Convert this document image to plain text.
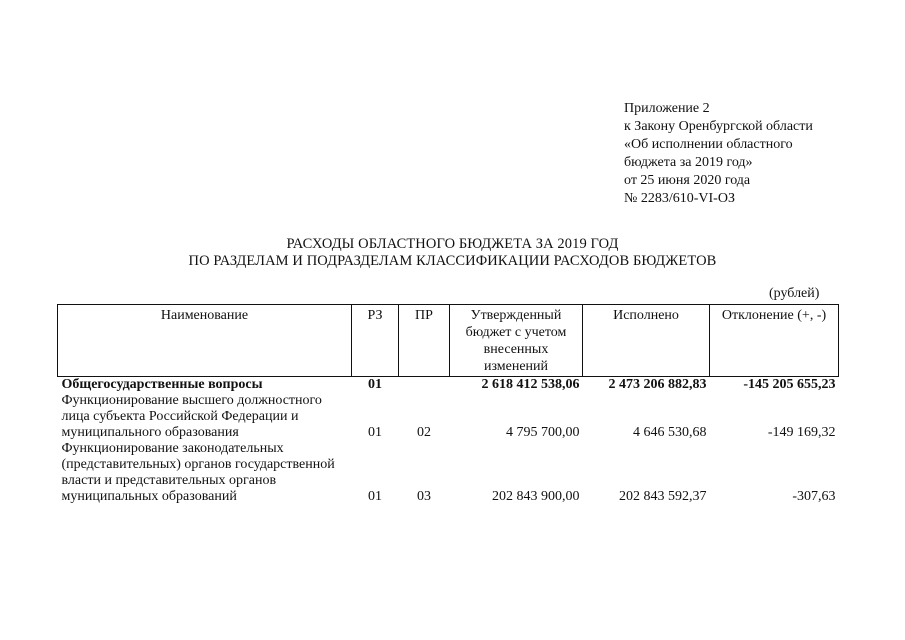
Приложение 2
к Закону Оренбургской области
«Об исполнении областного
бюджета за 2019 год»
от 25 июня 2020 года
№ 2283/610-VI-ОЗ
РАСХОДЫ ОБЛАСТНОГО БЮДЖЕТА ЗА 2019 ГОД
ПО РАЗДЕЛАМ И ПОДРАЗДЕЛАМ КЛАССИФИКАЦИИ РАСХОДОВ БЮДЖЕТОВ
(рублей)
Наименование	РЗ	ПР	Утвержденный бюджет с учетом внесенных изменений	Исполнено	Отклонение (+, -)
Общегосударственные вопросы	01		2 618 412 538,06	2 473 206 882,83	-145 205 655,23
Функционирование высшего должностного лица субъекта Российской Федерации и муниципального образования	01	02	4 795 700,00	4 646 530,68	-149 169,32
Функционирование законодательных (представительных) органов государственной власти и представительных органов муниципальных образований	01	03	202 843 900,00	202 843 592,37	-307,63
